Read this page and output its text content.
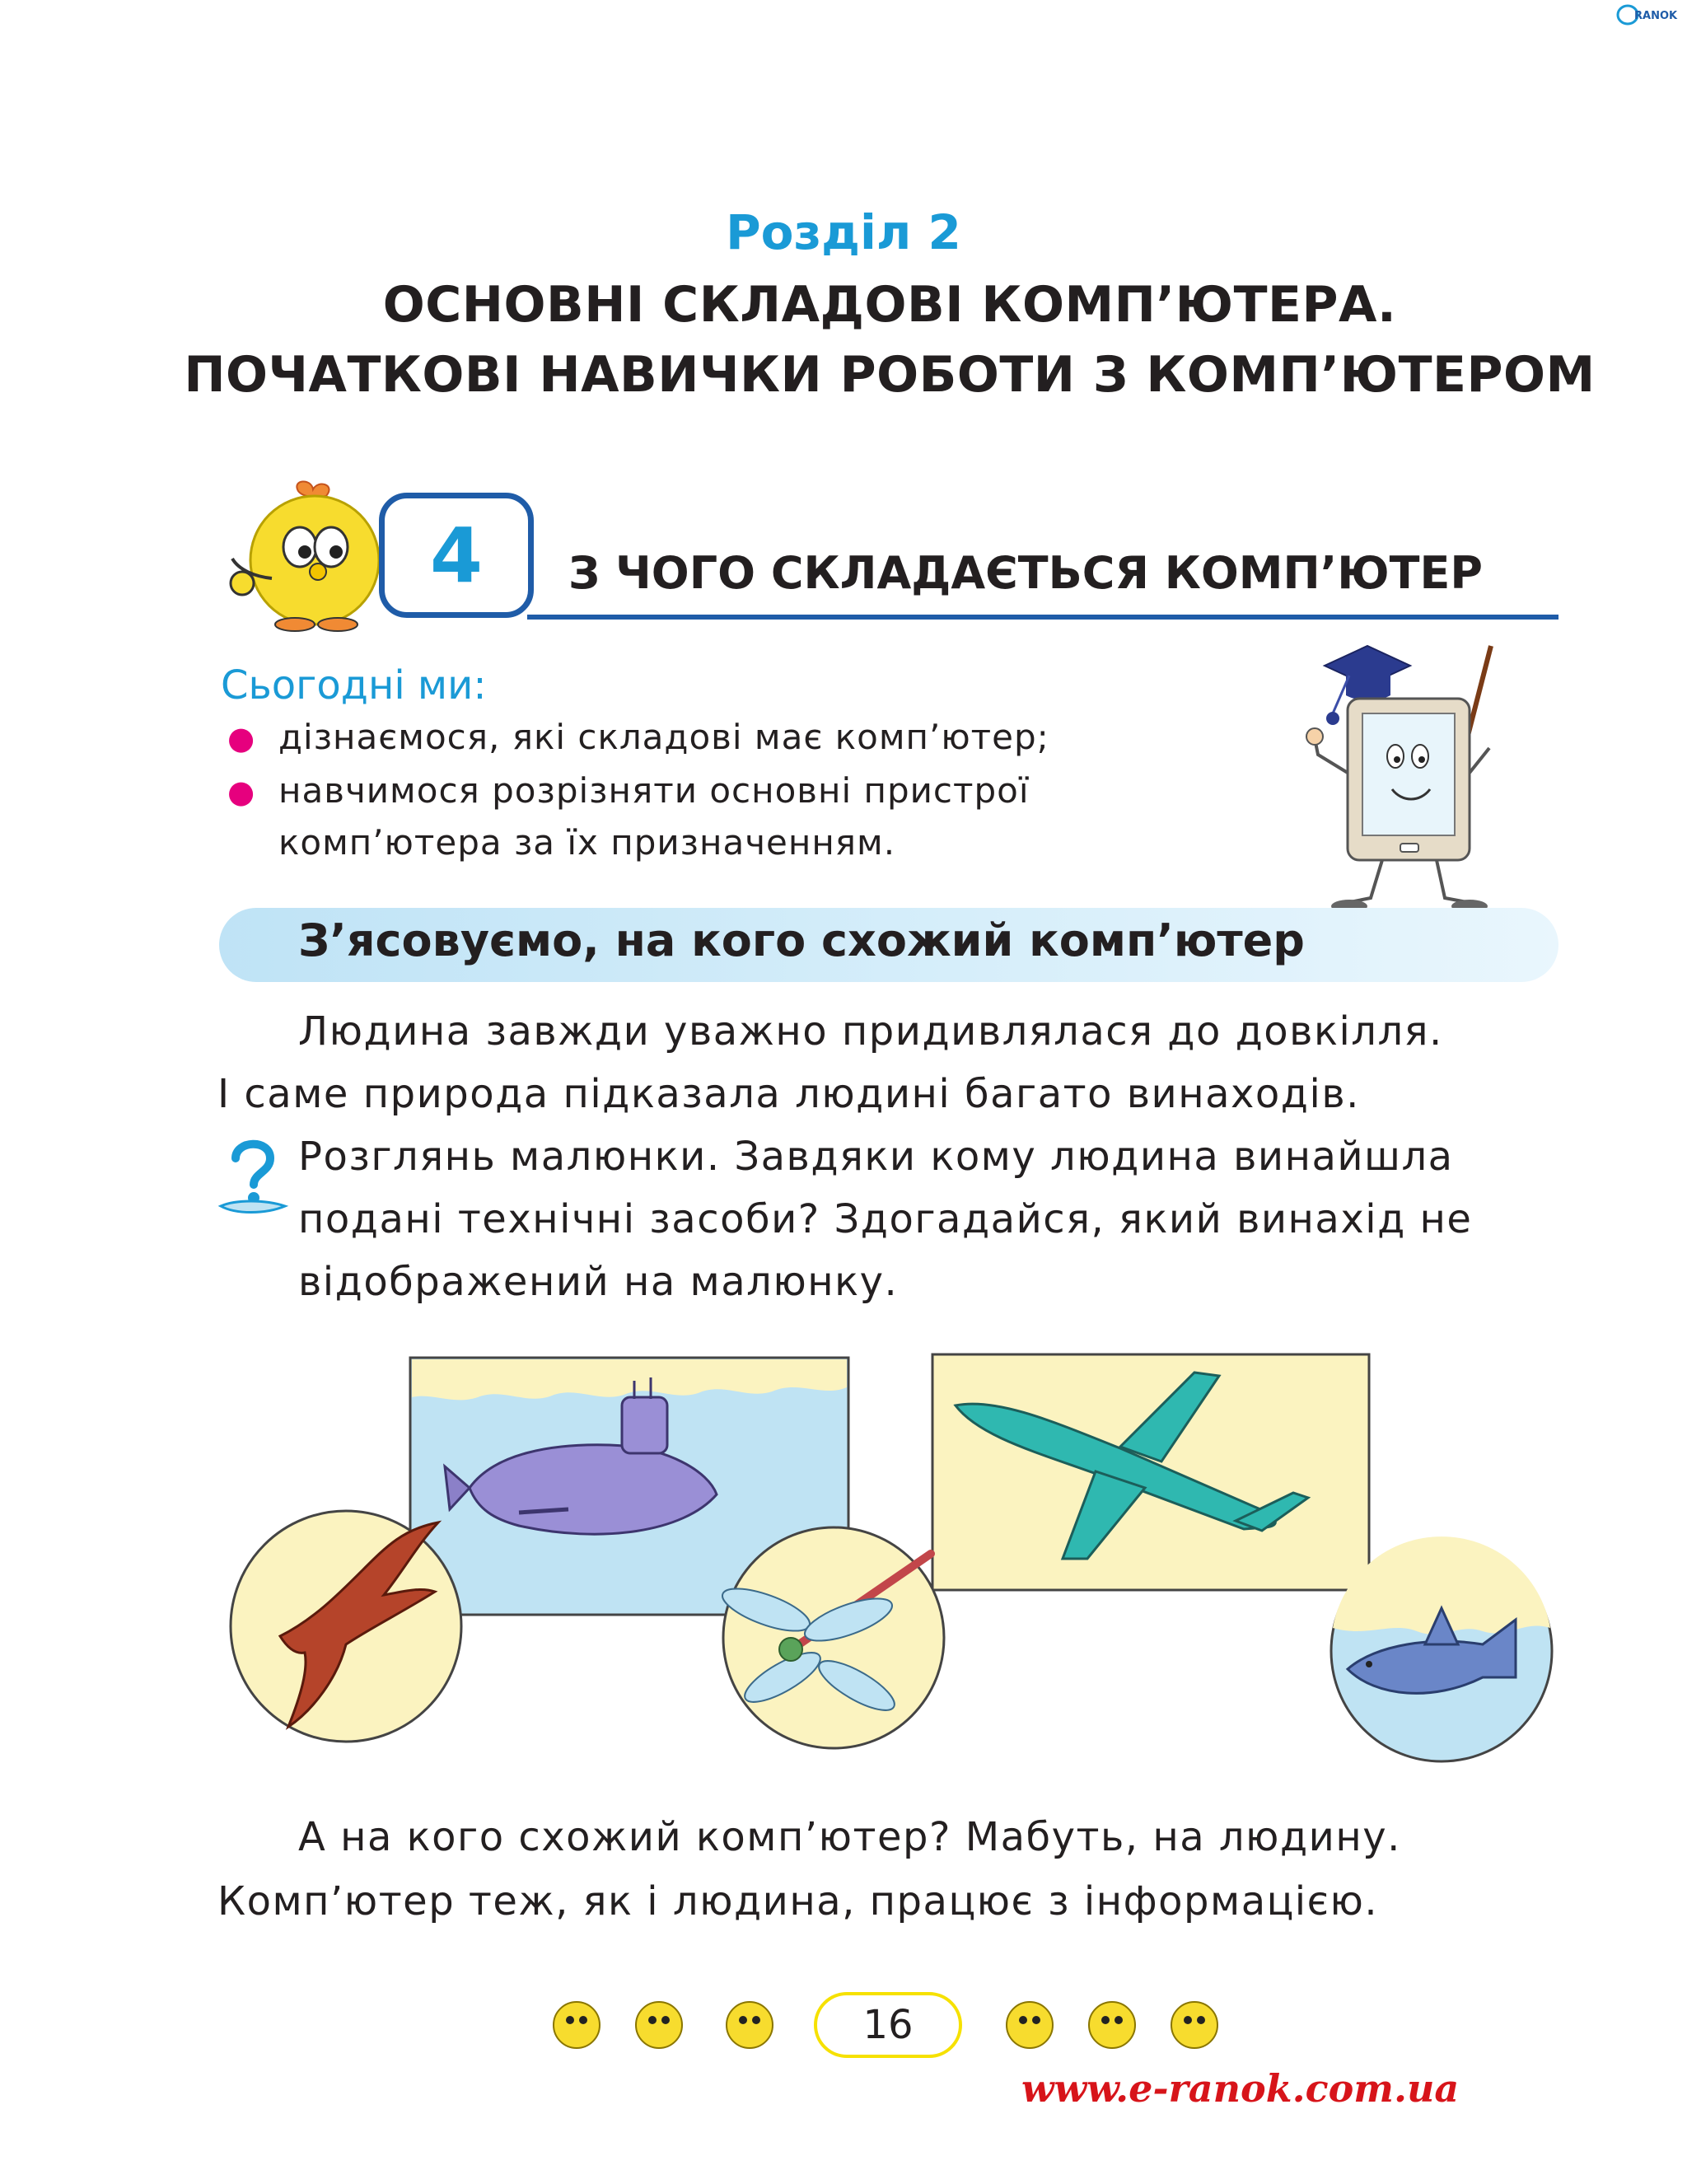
RANOK
Розділ 2
ОСНОВНІ СКЛАДОВІ КОМП’ЮТЕРА.
ПОЧАТКОВІ НАВИЧКИ РОБОТИ З КОМП’ЮТЕРОМ
4	З ЧОГО СКЛАДАЄТЬСЯ КОМП’ЮТЕР
Сьогодні ми:
● дізнаємося, які складові має комп’ютер;
● навчимося розрізняти основні пристрої
комп’ютера за їх призначенням.
З’ясовуємо, на кого схожий комп’ютер
Людина завжди уважно придивлялася до довкілля.
І саме природа підказала людині багато винаходів.
Розглянь малюнки. Завдяки кому людина винайшла
подані технічні засоби? Здогадайся, який винахід не
відображений на малюнку.
А на кого схожий комп’ютер? Мабуть, на людину.
Комп’ютер теж, як і людина, працює з інформацією.
16
www.e-ranok.com.ua
